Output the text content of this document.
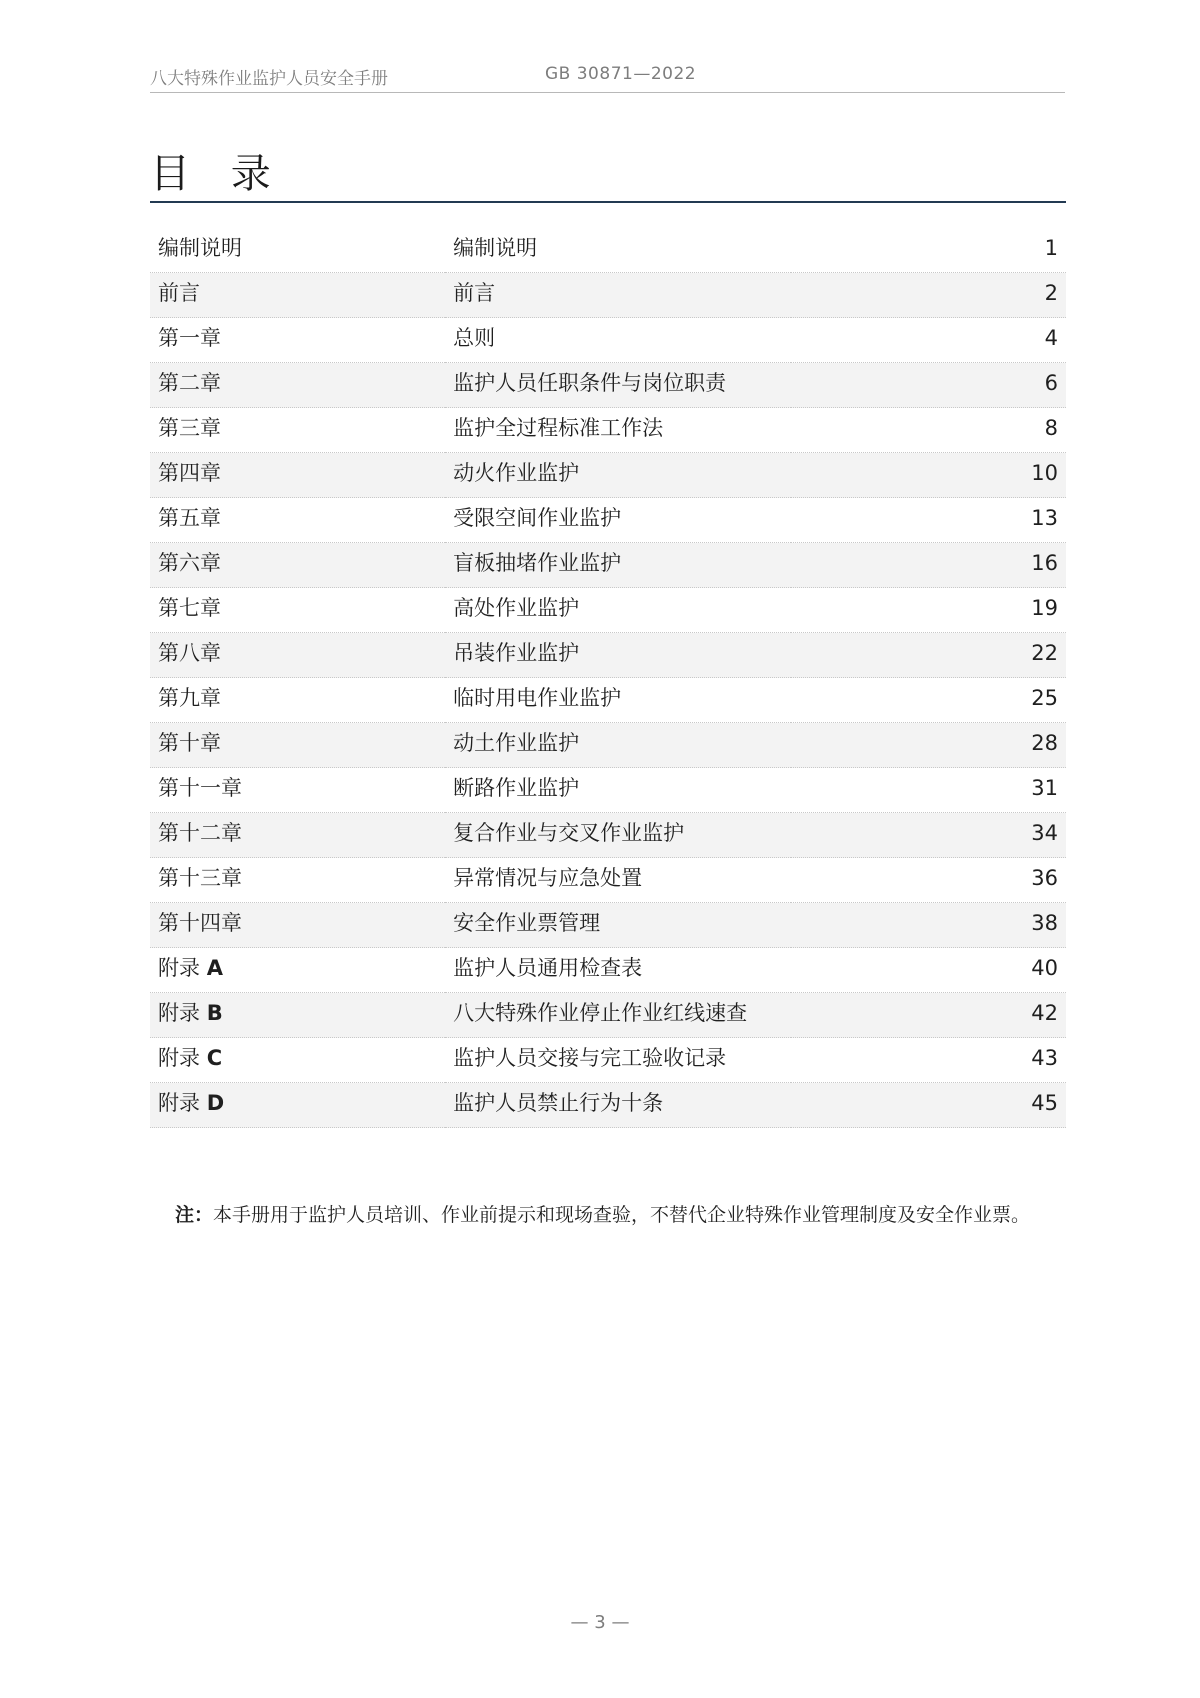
八大特殊作业监护人员安全手册	GB 30871—2022
目 录
编制说明	编制说明	1
前言	前言	2
第一章	总则	4
第二章	监护人员任职条件与岗位职责	6
第三章	监护全过程标准工作法	8
第四章	动火作业监护	10
第五章	受限空间作业监护	13
第六章	盲板抽堵作业监护	16
第七章	高处作业监护	19
第八章	吊装作业监护	22
第九章	临时用电作业监护	25
第十章	动土作业监护	28
第十一章	断路作业监护	31
第十二章	复合作业与交叉作业监护	34
第十三章	异常情况与应急处置	36
第十四章	安全作业票管理	38
附录 A	监护人员通用检查表	40
附录 B	八大特殊作业停止作业红线速查	42
附录 C	监护人员交接与完工验收记录	43
附录 D	监护人员禁止行为十条	45
注：本手册用于监护人员培训、作业前提示和现场查验，不替代企业特殊作业管理制度及安全作业票。
— 3 —
